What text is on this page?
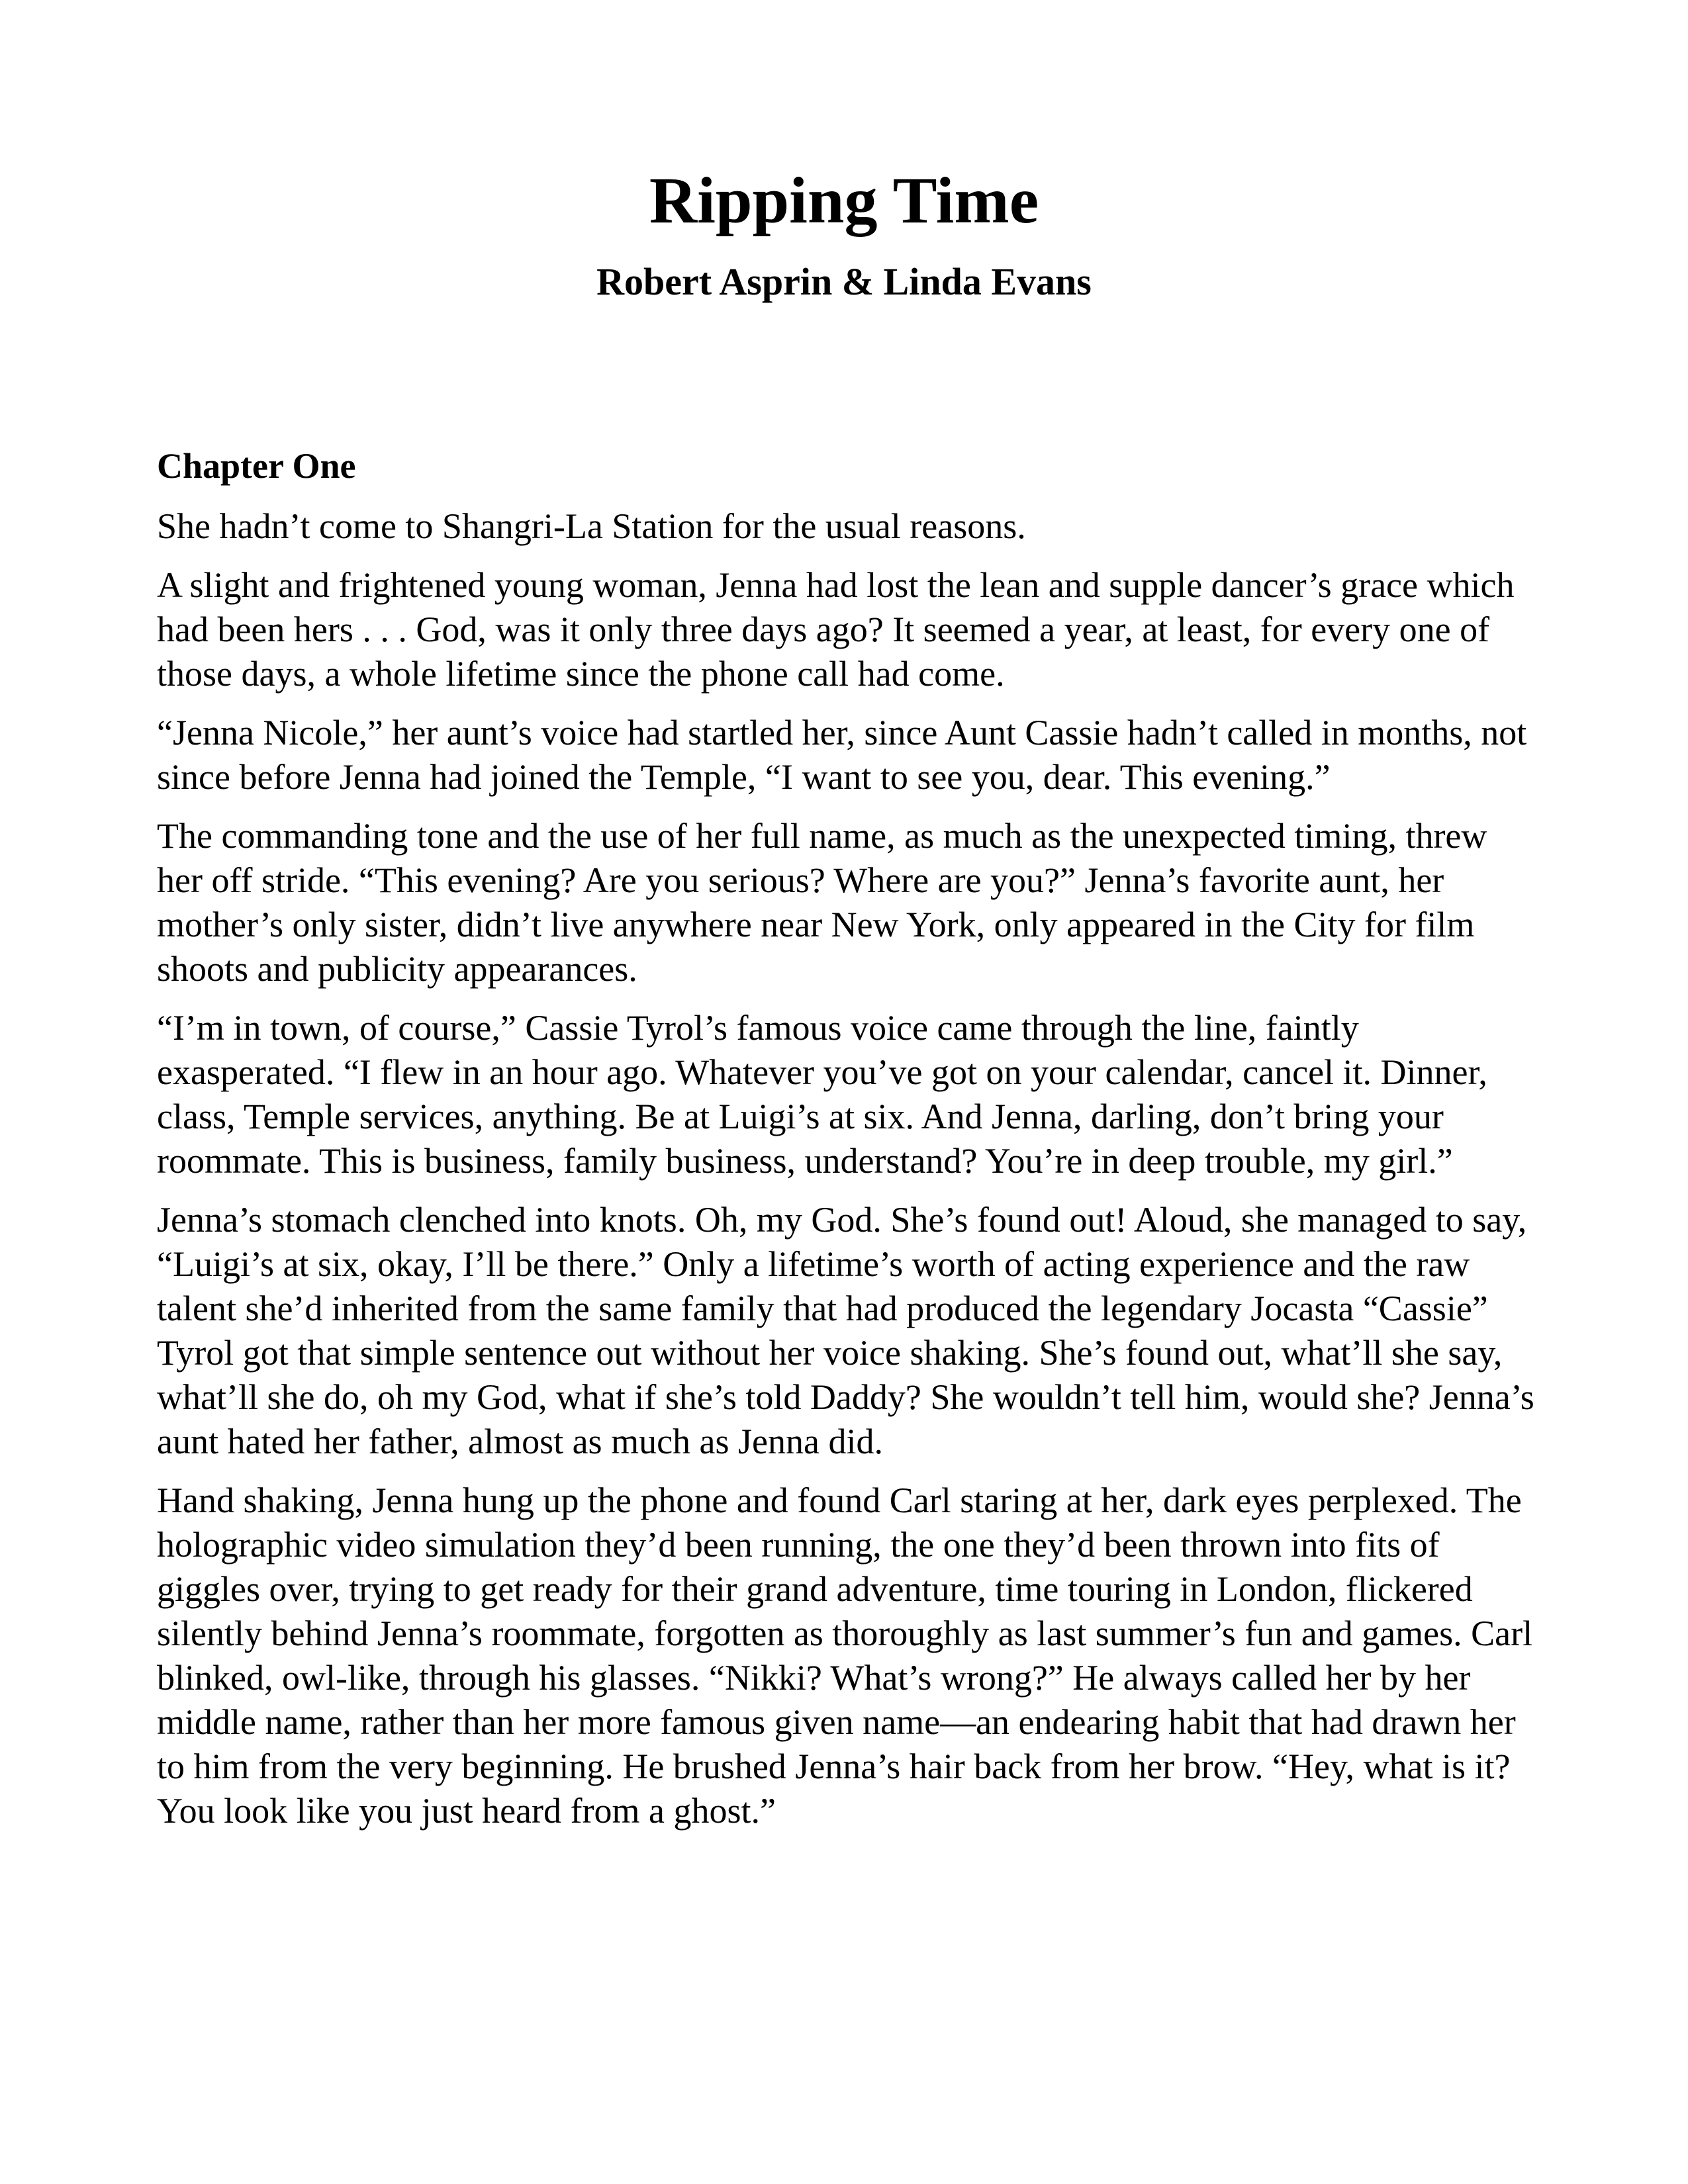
Ripping Time
Robert Asprin & Linda Evans
Chapter One

She hadn’t come to Shangri-La Station for the usual reasons.

A slight and frightened young woman, Jenna had lost the lean and supple dancer’s grace which had been hers . . . God, was it only three days ago? It seemed a year, at least, for every one of those days, a whole lifetime since the phone call had come.

“Jenna Nicole,” her aunt’s voice had startled her, since Aunt Cassie hadn’t called in months, not since before Jenna had joined the Temple, “I want to see you, dear. This evening.”

The commanding tone and the use of her full name, as much as the unexpected timing, threw her off stride. “This evening? Are you serious? Where are you?” Jenna’s favorite aunt, her mother’s only sister, didn’t live anywhere near New York, only appeared in the City for film shoots and publicity appearances.

“I’m in town, of course,” Cassie Tyrol’s famous voice came through the line, faintly exasperated. “I flew in an hour ago. Whatever you’ve got on your calendar, cancel it. Dinner, class, Temple services, anything. Be at Luigi’s at six. And Jenna, darling, don’t bring your roommate. This is business, family business, understand? You’re in deep trouble, my girl.”

Jenna’s stomach clenched into knots. Oh, my God. She’s found out! Aloud, she managed to say, “Luigi’s at six, okay, I’ll be there.” Only a lifetime’s worth of acting experience and the raw talent she’d inherited from the same family that had produced the legendary Jocasta “Cassie” Tyrol got that simple sentence out without her voice shaking. She’s found out, what’ll she say, what’ll she do, oh my God, what if she’s told Daddy? She wouldn’t tell him, would she? Jenna’s aunt hated her father, almost as much as Jenna did.

Hand shaking, Jenna hung up the phone and found Carl staring at her, dark eyes perplexed. The holographic video simulation they’d been running, the one they’d been thrown into fits of giggles over, trying to get ready for their grand adventure, time touring in London, flickered silently behind Jenna’s roommate, forgotten as thoroughly as last summer’s fun and games. Carl blinked, owl-like, through his glasses. “Nikki? What’s wrong?” He always called her by her middle name, rather than her more famous given name—an endearing habit that had drawn her to him from the very beginning. He brushed Jenna’s hair back from her brow. “Hey, what is it? You look like you just heard from a ghost.”
